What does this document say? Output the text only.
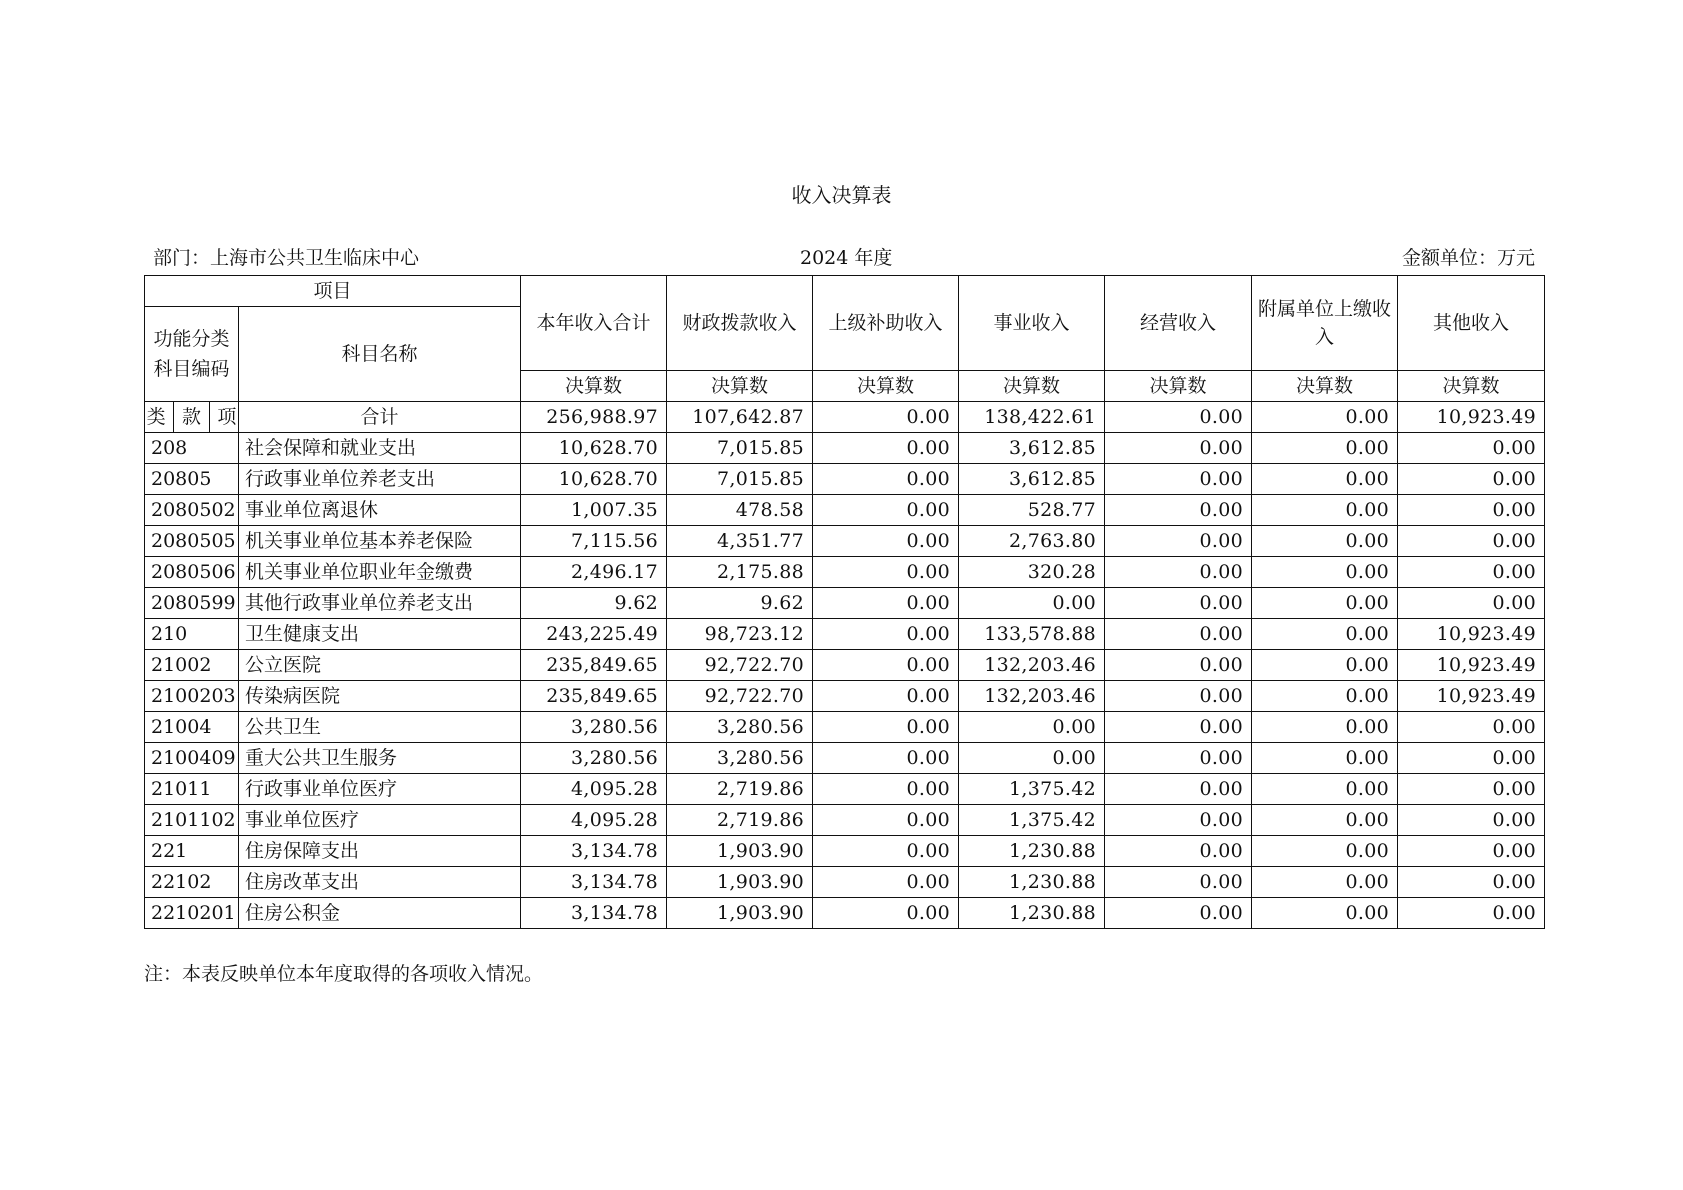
收入决算表
部门：上海市公共卫生临床中心	2024 年度	金额单位：万元
项目		本年收入合计	财政拨款收入	上级补助收入	事业收入	经营收入	附属单位上缴收入	其他收入
功能分类科目编码	科目名称							
		决算数	决算数	决算数	决算数	决算数	决算数	决算数

类 款 项	合计	256,988.97	107,642.87	0.00	138,422.61	0.00	0.00	10,923.49
208	社会保障和就业支出	10,628.70	7,015.85	0.00	3,612.85	0.00	0.00	0.00
20805	行政事业单位养老支出	10,628.70	7,015.85	0.00	3,612.85	0.00	0.00	0.00
2080502	事业单位离退休	1,007.35	478.58	0.00	528.77	0.00	0.00	0.00
2080505	机关事业单位基本养老保险	7,115.56	4,351.77	0.00	2,763.80	0.00	0.00	0.00
2080506	机关事业单位职业年金缴费	2,496.17	2,175.88	0.00	320.28	0.00	0.00	0.00
2080599	其他行政事业单位养老支出	9.62	9.62	0.00	0.00	0.00	0.00	0.00
210	卫生健康支出	243,225.49	98,723.12	0.00	133,578.88	0.00	0.00	10,923.49
21002	公立医院	235,849.65	92,722.70	0.00	132,203.46	0.00	0.00	10,923.49
2100203	传染病医院	235,849.65	92,722.70	0.00	132,203.46	0.00	0.00	10,923.49
21004	公共卫生	3,280.56	3,280.56	0.00	0.00	0.00	0.00	0.00
2100409	重大公共卫生服务	3,280.56	3,280.56	0.00	0.00	0.00	0.00	0.00
21011	行政事业单位医疗	4,095.28	2,719.86	0.00	1,375.42	0.00	0.00	0.00
2101102	事业单位医疗	4,095.28	2,719.86	0.00	1,375.42	0.00	0.00	0.00
221	住房保障支出	3,134.78	1,903.90	0.00	1,230.88	0.00	0.00	0.00
22102	住房改革支出	3,134.78	1,903.90	0.00	1,230.88	0.00	0.00	0.00
2210201	住房公积金	3,134.78	1,903.90	0.00	1,230.88	0.00	0.00	0.00
注：本表反映单位本年度取得的各项收入情况。
